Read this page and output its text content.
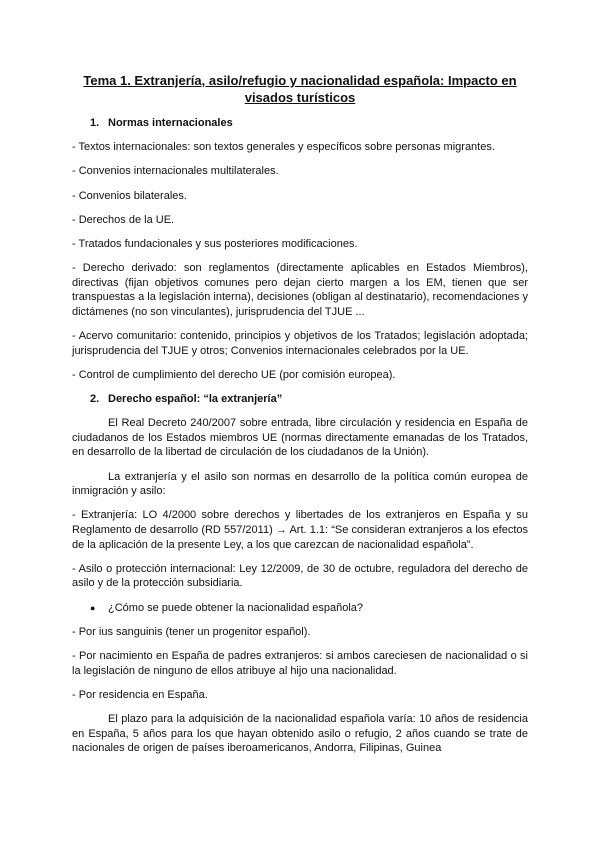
Tema 1. Extranjería, asilo/refugio y nacionalidad española: Impacto en visados turísticos
1. Normas internacionales

- Textos internacionales: son textos generales y específicos sobre personas migrantes.

- Convenios internacionales multilaterales.

- Convenios bilaterales.

- Derechos de la UE.

- Tratados fundacionales y sus posteriores modificaciones.

- Derecho derivado: son reglamentos (directamente aplicables en Estados Miembros), directivas (fijan objetivos comunes pero dejan cierto margen a los EM, tienen que ser transpuestas a la legislación interna), decisiones (obligan al destinatario), recomendaciones y dictámenes (no son vinculantes), jurisprudencia del TJUE ...

- Acervo comunitario: contenido, principios y objetivos de los Tratados; legislación adoptada; jurisprudencia del TJUE y otros; Convenios internacionales celebrados por la UE.

- Control de cumplimiento del derecho UE (por comisión europea).

2. Derecho español: “la extranjería”

El Real Decreto 240/2007 sobre entrada, libre circulación y residencia en España de ciudadanos de los Estados miembros UE (normas directamente emanadas de los Tratados, en desarrollo de la libertad de circulación de los ciudadanos de la Unión).

La extranjería y el asilo son normas en desarrollo de la política común europea de inmigración y asilo:

- Extranjería: LO 4/2000 sobre derechos y libertades de los extranjeros en España y su Reglamento de desarrollo (RD 557/2011) → Art. 1.1: “Se consideran extranjeros a los efectos de la aplicación de la presente Ley, a los que carezcan de nacionalidad española”.

- Asilo o protección internacional: Ley 12/2009, de 30 de octubre, reguladora del derecho de asilo y de la protección subsidiaria.

● ¿Cómo se puede obtener la nacionalidad española?

- Por ius sanguinis (tener un progenitor español).

- Por nacimiento en España de padres extranjeros: si ambos careciesen de nacionalidad o si la legislación de ninguno de ellos atribuye al hijo una nacionalidad.

- Por residencia en España.

El plazo para la adquisición de la nacionalidad española varía: 10 años de residencia en España, 5 años para los que hayan obtenido asilo o refugio, 2 años cuando se trate de nacionales de origen de países iberoamericanos, Andorra, Filipinas, Guinea
